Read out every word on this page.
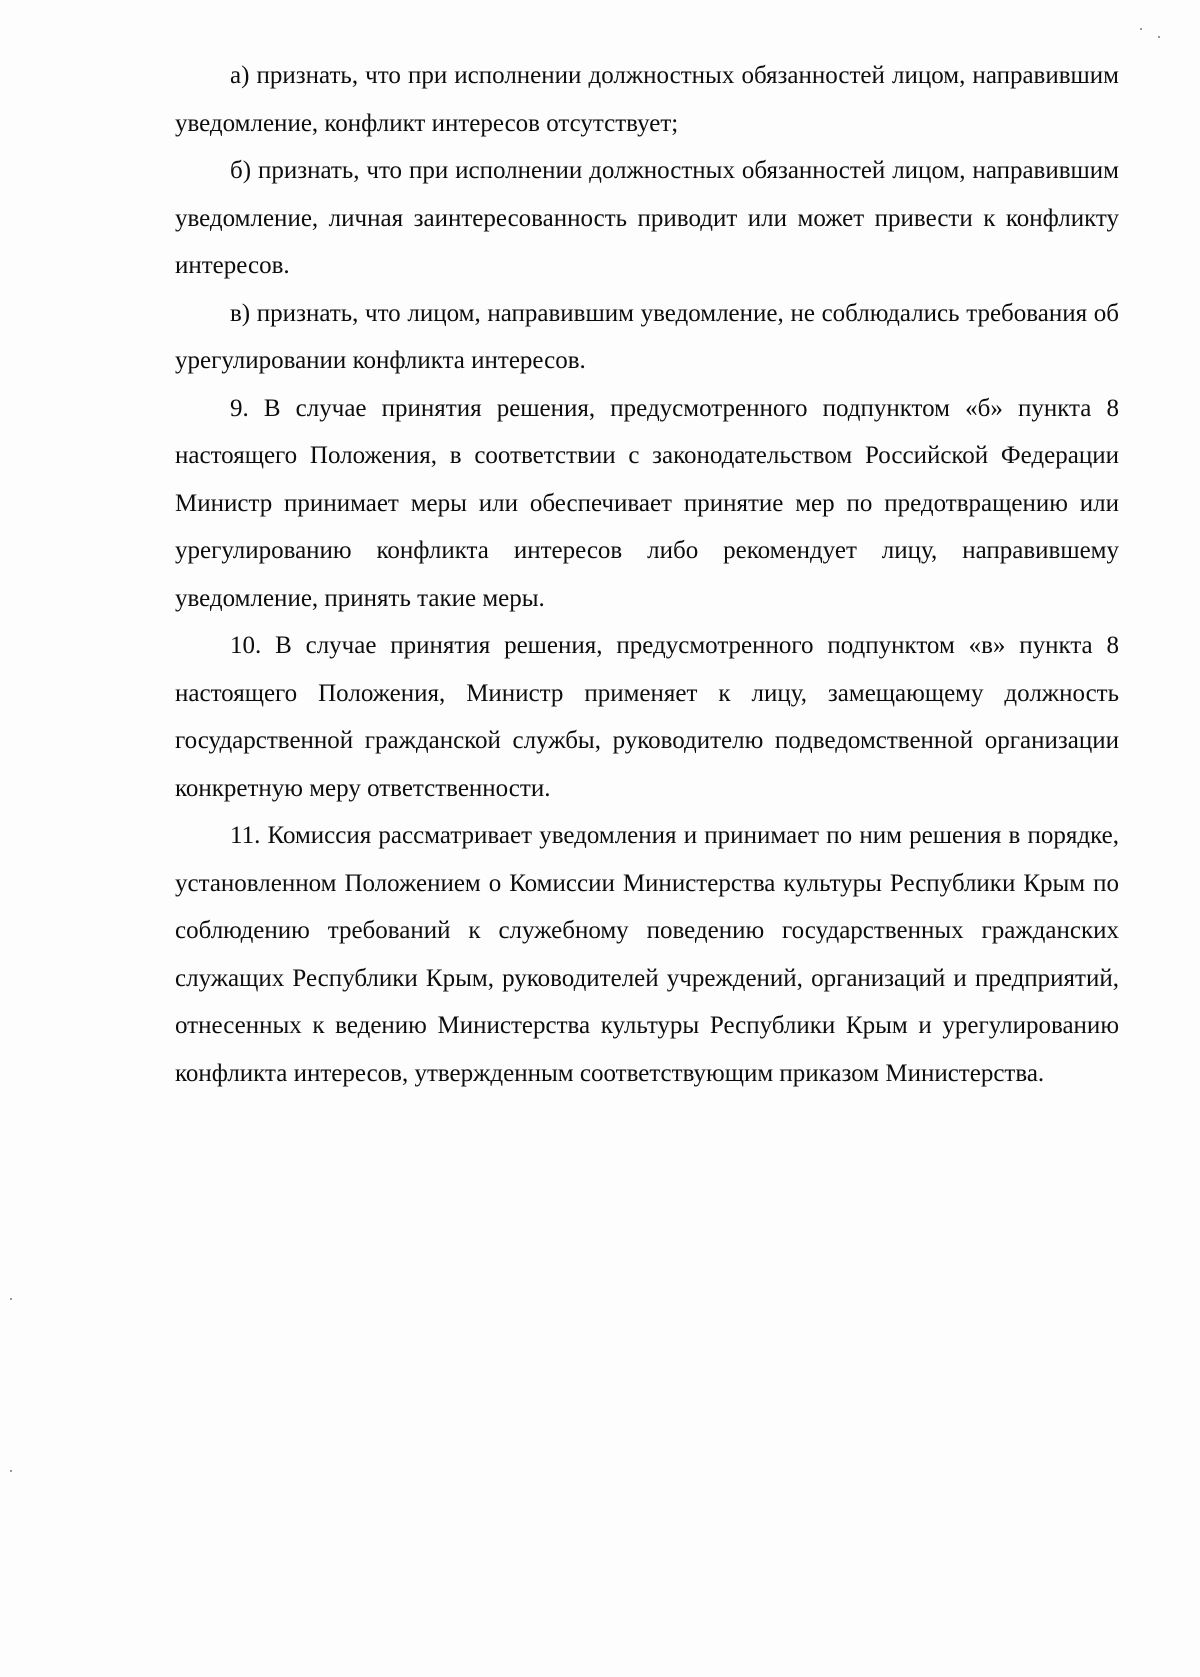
а) признать, что при исполнении должностных обязанностей лицом, направившим уведомление, конфликт интересов отсутствует;

б) признать, что при исполнении должностных обязанностей лицом, направившим уведомление, личная заинтересованность приводит или может привести к конфликту интересов.

в) признать, что лицом, направившим уведомление, не соблюдались требования об урегулировании конфликта интересов.

9. В случае принятия решения, предусмотренного подпунктом «б» пункта 8 настоящего Положения, в соответствии с законодательством Российской Федерации Министр принимает меры или обеспечивает принятие мер по предотвращению или урегулированию конфликта интересов либо рекомендует лицу, направившему уведомление, принять такие меры.

10. В случае принятия решения, предусмотренного подпунктом «в» пункта 8 настоящего Положения, Министр применяет к лицу, замещающему должность государственной гражданской службы, руководителю подведомственной организации конкретную меру ответственности.

11. Комиссия рассматривает уведомления и принимает по ним решения в порядке, установленном Положением о Комиссии Министерства культуры Республики Крым по соблюдению требований к служебному поведению государственных гражданских служащих Республики Крым, руководителей учреждений, организаций и предприятий, отнесенных к ведению Министерства культуры Республики Крым и урегулированию конфликта интересов, утвержденным соответствующим приказом Министерства.
